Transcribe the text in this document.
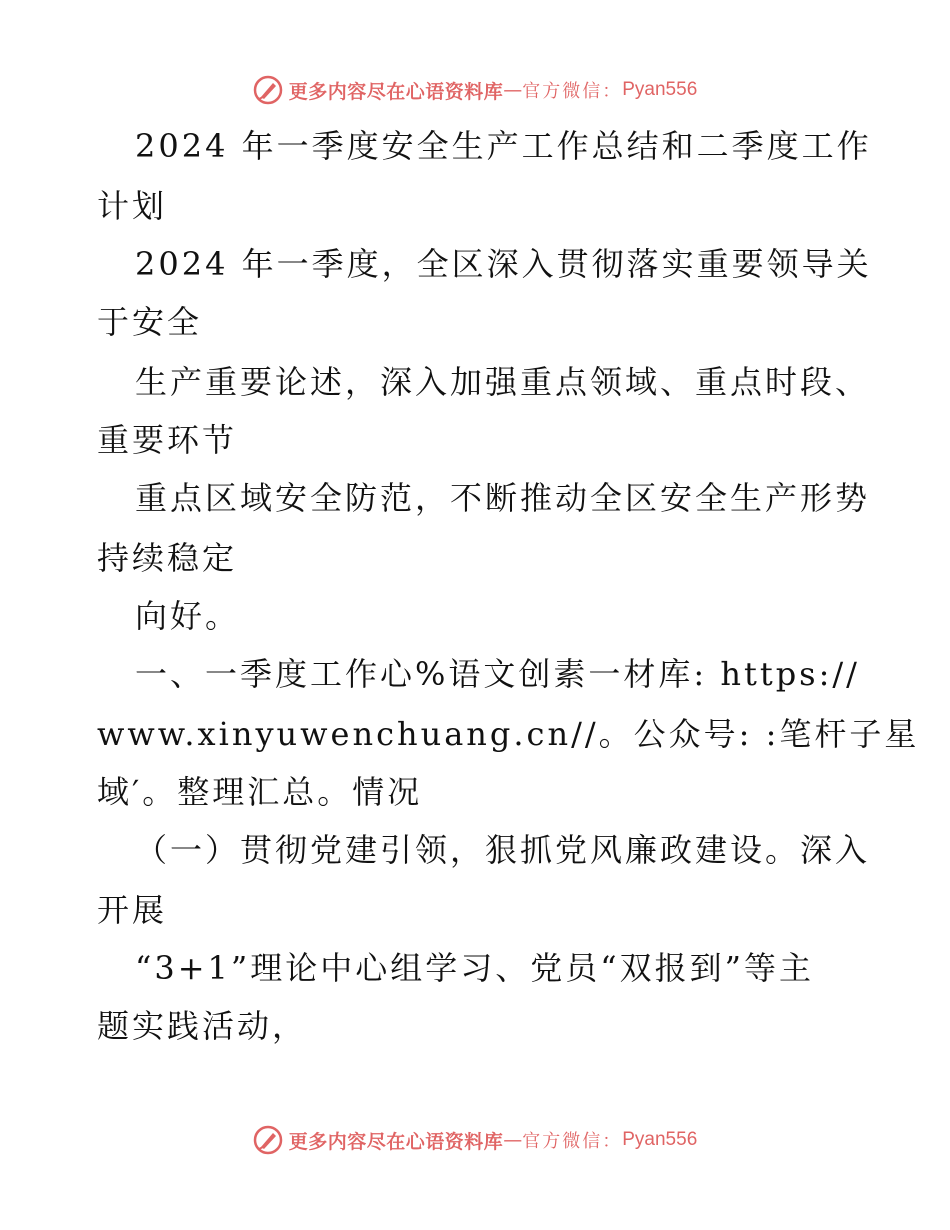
更多内容尽在心语资料库 — 官方微信： Pyan556
2024 年一季度安全生产工作总结和二季度工作
计划
2024 年一季度，全区深入贯彻落实重要领导关
于安全
生产重要论述，深入加强重点领域、重点时段、
重要环节
重点区域安全防范，不断推动全区安全生产形势
持续稳定
向好。
一、一季度工作心%语文创素一材库: https://
www.xinyuwenchuang.cn//。公众号: :笔杆子星
域′。整理汇总。情况
（一）贯彻党建引领，狠抓党风廉政建设。深入
开展
“3+1”理论中心组学习、党员“双报到”等主
题实践活动，
更多内容尽在心语资料库 — 官方微信： Pyan556
